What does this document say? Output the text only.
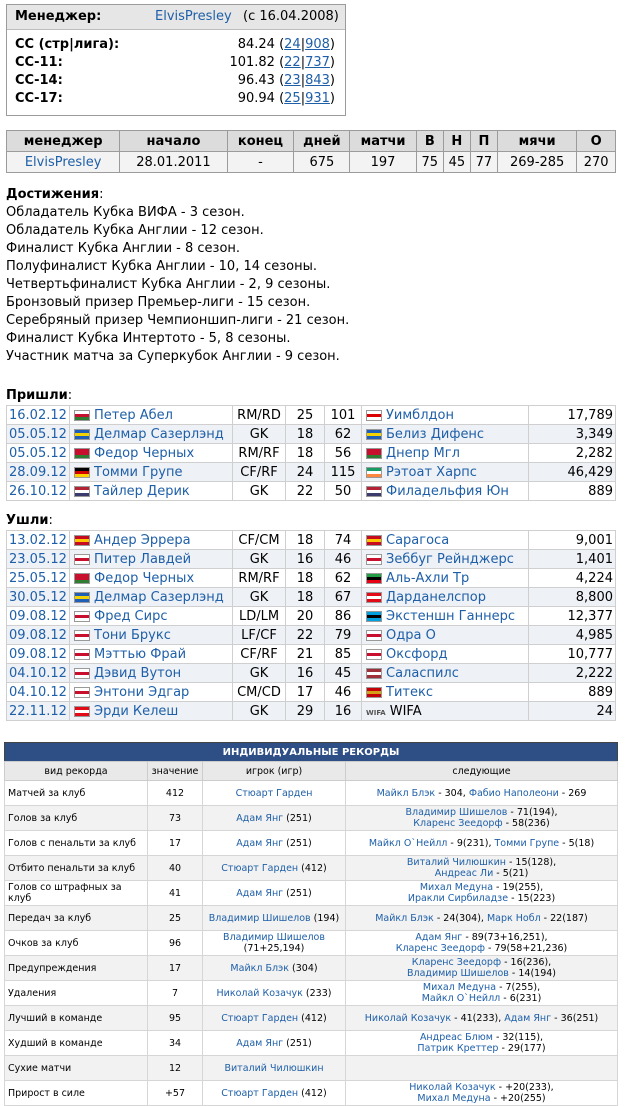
Менеджер:	ElvisPresley (с 16.04.2008)
СС (стр|лига):	84.24 (24|908)
СС-11:	101.82 (22|737)
СС-14:	96.43 (23|843)
СС-17:	90.94 (25|931)
менеджер	начало	конец	дней	матчи	В	Н	П	мячи	О
ElvisPresley	28.01.2011	-	675	197	75	45	77	269-285	270
Достижения:
Обладатель Кубка ВИФА - 3 сезон.
Обладатель Кубка Англии - 12 сезон.
Финалист Кубка Англии - 8 сезон.
Полуфиналист Кубка Англии - 10, 14 сезоны.
Четвертьфиналист Кубка Англии - 2, 9 сезоны.
Бронзовый призер Премьер-лиги - 15 сезон.
Серебряный призер Чемпионшип-лиги - 21 сезон.
Финалист Кубка Интертото - 5, 8 сезоны.
Участник матча за Суперкубок Англии - 9 сезон.
Пришли:
16.02.12	Петер Абел	RM/RD	25	101	Уимблдон	17,789
05.05.12	Делмар Сазерлэнд	GK	18	62	Белиз Дифенс	3,349
05.05.12	Федор Черных	RM/RF	18	56	Днепр Мгл	2,282
28.09.12	Томми Групе	CF/RF	24	115	Рэтоат Харпс	46,429
26.10.12	Тайлер Дерик	GK	22	50	Филадельфия Юн	889
Ушли:
13.02.12	Андер Эррера	CF/CM	18	74	Сарагоса	9,001
23.05.12	Питер Лавдей	GK	16	46	Зеббуг Рейнджерс	1,401
25.05.12	Федор Черных	RM/RF	18	62	Аль-Ахли Тр	4,224
30.05.12	Делмар Сазерлэнд	GK	18	67	Дарданелспор	8,800
09.08.12	Фред Сирс	LD/LM	20	86	Экстеншн Ганнерс	12,377
09.08.12	Тони Брукс	LF/CF	22	79	Одра О	4,985
09.08.12	Мэттью Фрай	CF/RF	21	85	Оксфорд	10,777
04.10.12	Дэвид Вутон	GK	16	45	Саласпилс	2,222
04.10.12	Энтони Эдгар	CM/CD	17	46	Титекс	889
22.11.12	Эрди Келеш	GK	29	16	WIFA WIFA	24
ИНДИВИДУАЛЬНЫЕ РЕКОРДЫ			
вид рекорда	значение	игрок (игр)	следующие
Матчей за клуб	412	Стюарт Гарден	Майкл Блэк - 304, Фабио Наполеони - 269

Голов за клуб	73	Адам Янг (251)	Владимир Шишелов - 71(194),
Кларенс Зеедорф - 58(236)

Голов с пенальти за клуб	17	Адам Янг (251)	Майкл О`Нейлл - 9(231), Томми Групе - 5(18)

Отбито пенальти за клуб	40	Стюарт Гарден (412)	Виталий Чилюшкин - 15(128),
Андреас Ли - 5(21)

Голов со штрафных за клуб	41	Адам Янг (251)	Михал Медуна - 19(255),
Иракли Сирбиладзе - 15(223)

Передач за клуб	25	Владимир Шишелов (194)	Майкл Блэк - 24(304), Марк Нобл - 22(187)

Очков за клуб	96	Владимир Шишелов (71+25,194)	Адам Янг - 89(73+16,251),
Кларенс Зеедорф - 79(58+21,236)

Предупреждения	17	Майкл Блэк (304)	Кларенс Зеедорф - 16(236),
Владимир Шишелов - 14(194)

Удаления	7	Николай Козачук (233)	Михал Медуна - 7(255),
Майкл О`Нейлл - 6(231)

Лучший в команде	95	Стюарт Гарден (412)	Николай Козачук - 41(233), Адам Янг - 36(251)

Худший в команде	34	Адам Янг (251)	Андреас Блюм - 32(115),
Патрик Креттер - 29(177)

Сухие матчи	12	Виталий Чилюшкин	
Прирост в силе	+57	Стюарт Гарден (412)	Николай Козачук - +20(233),
Михал Медуна - +20(255)
